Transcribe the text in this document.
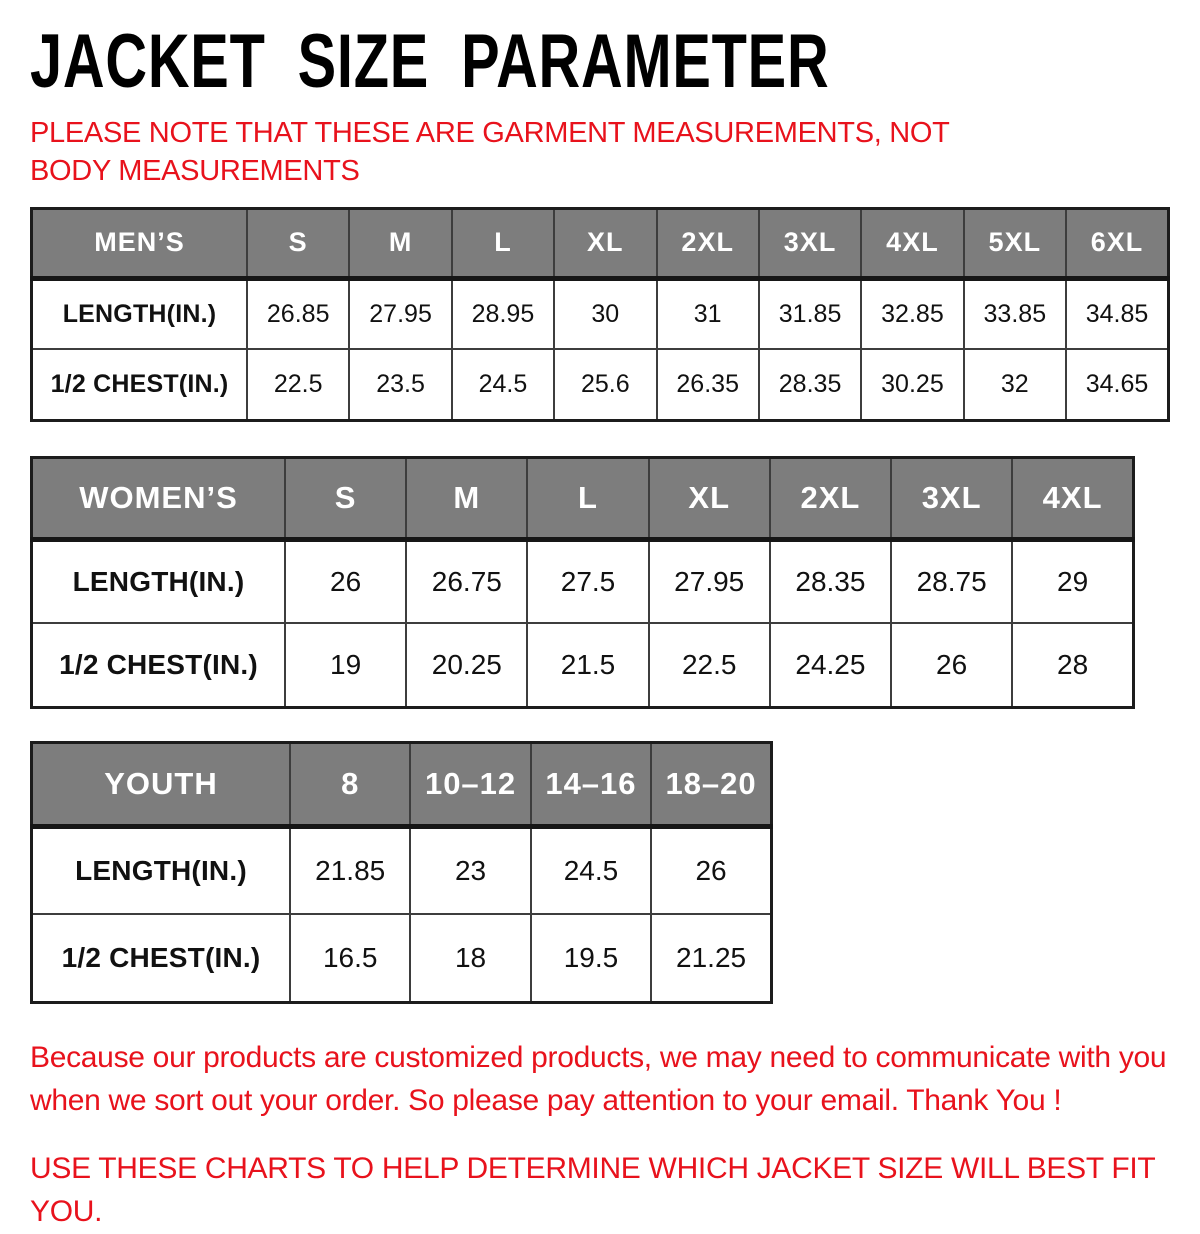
JACKET SIZE PARAMETER
PLEASE NOTE THAT THESE ARE GARMENT MEASUREMENTS, NOT BODY MEASUREMENTS
MEN’S	S	M	L	XL	2XL	3XL	4XL	5XL	6XL
LENGTH(IN.)	26.85	27.95	28.95	30	31	31.85	32.85	33.85	34.85
1/2 CHEST(IN.)	22.5	23.5	24.5	25.6	26.35	28.35	30.25	32	34.65
WOMEN’S	S	M	L	XL	2XL	3XL	4XL
LENGTH(IN.)	26	26.75	27.5	27.95	28.35	28.75	29
1/2 CHEST(IN.)	19	20.25	21.5	22.5	24.25	26	28
YOUTH	8	10–12	14–16	18–20
LENGTH(IN.)	21.85	23	24.5	26
1/2 CHEST(IN.)	16.5	18	19.5	21.25

Because our products are customized products, we may need to communicate with you when we sort out your order. So please pay attention to your email. Thank You !

USE THESE CHARTS TO HELP DETERMINE WHICH JACKET SIZE WILL BEST FIT YOU.
